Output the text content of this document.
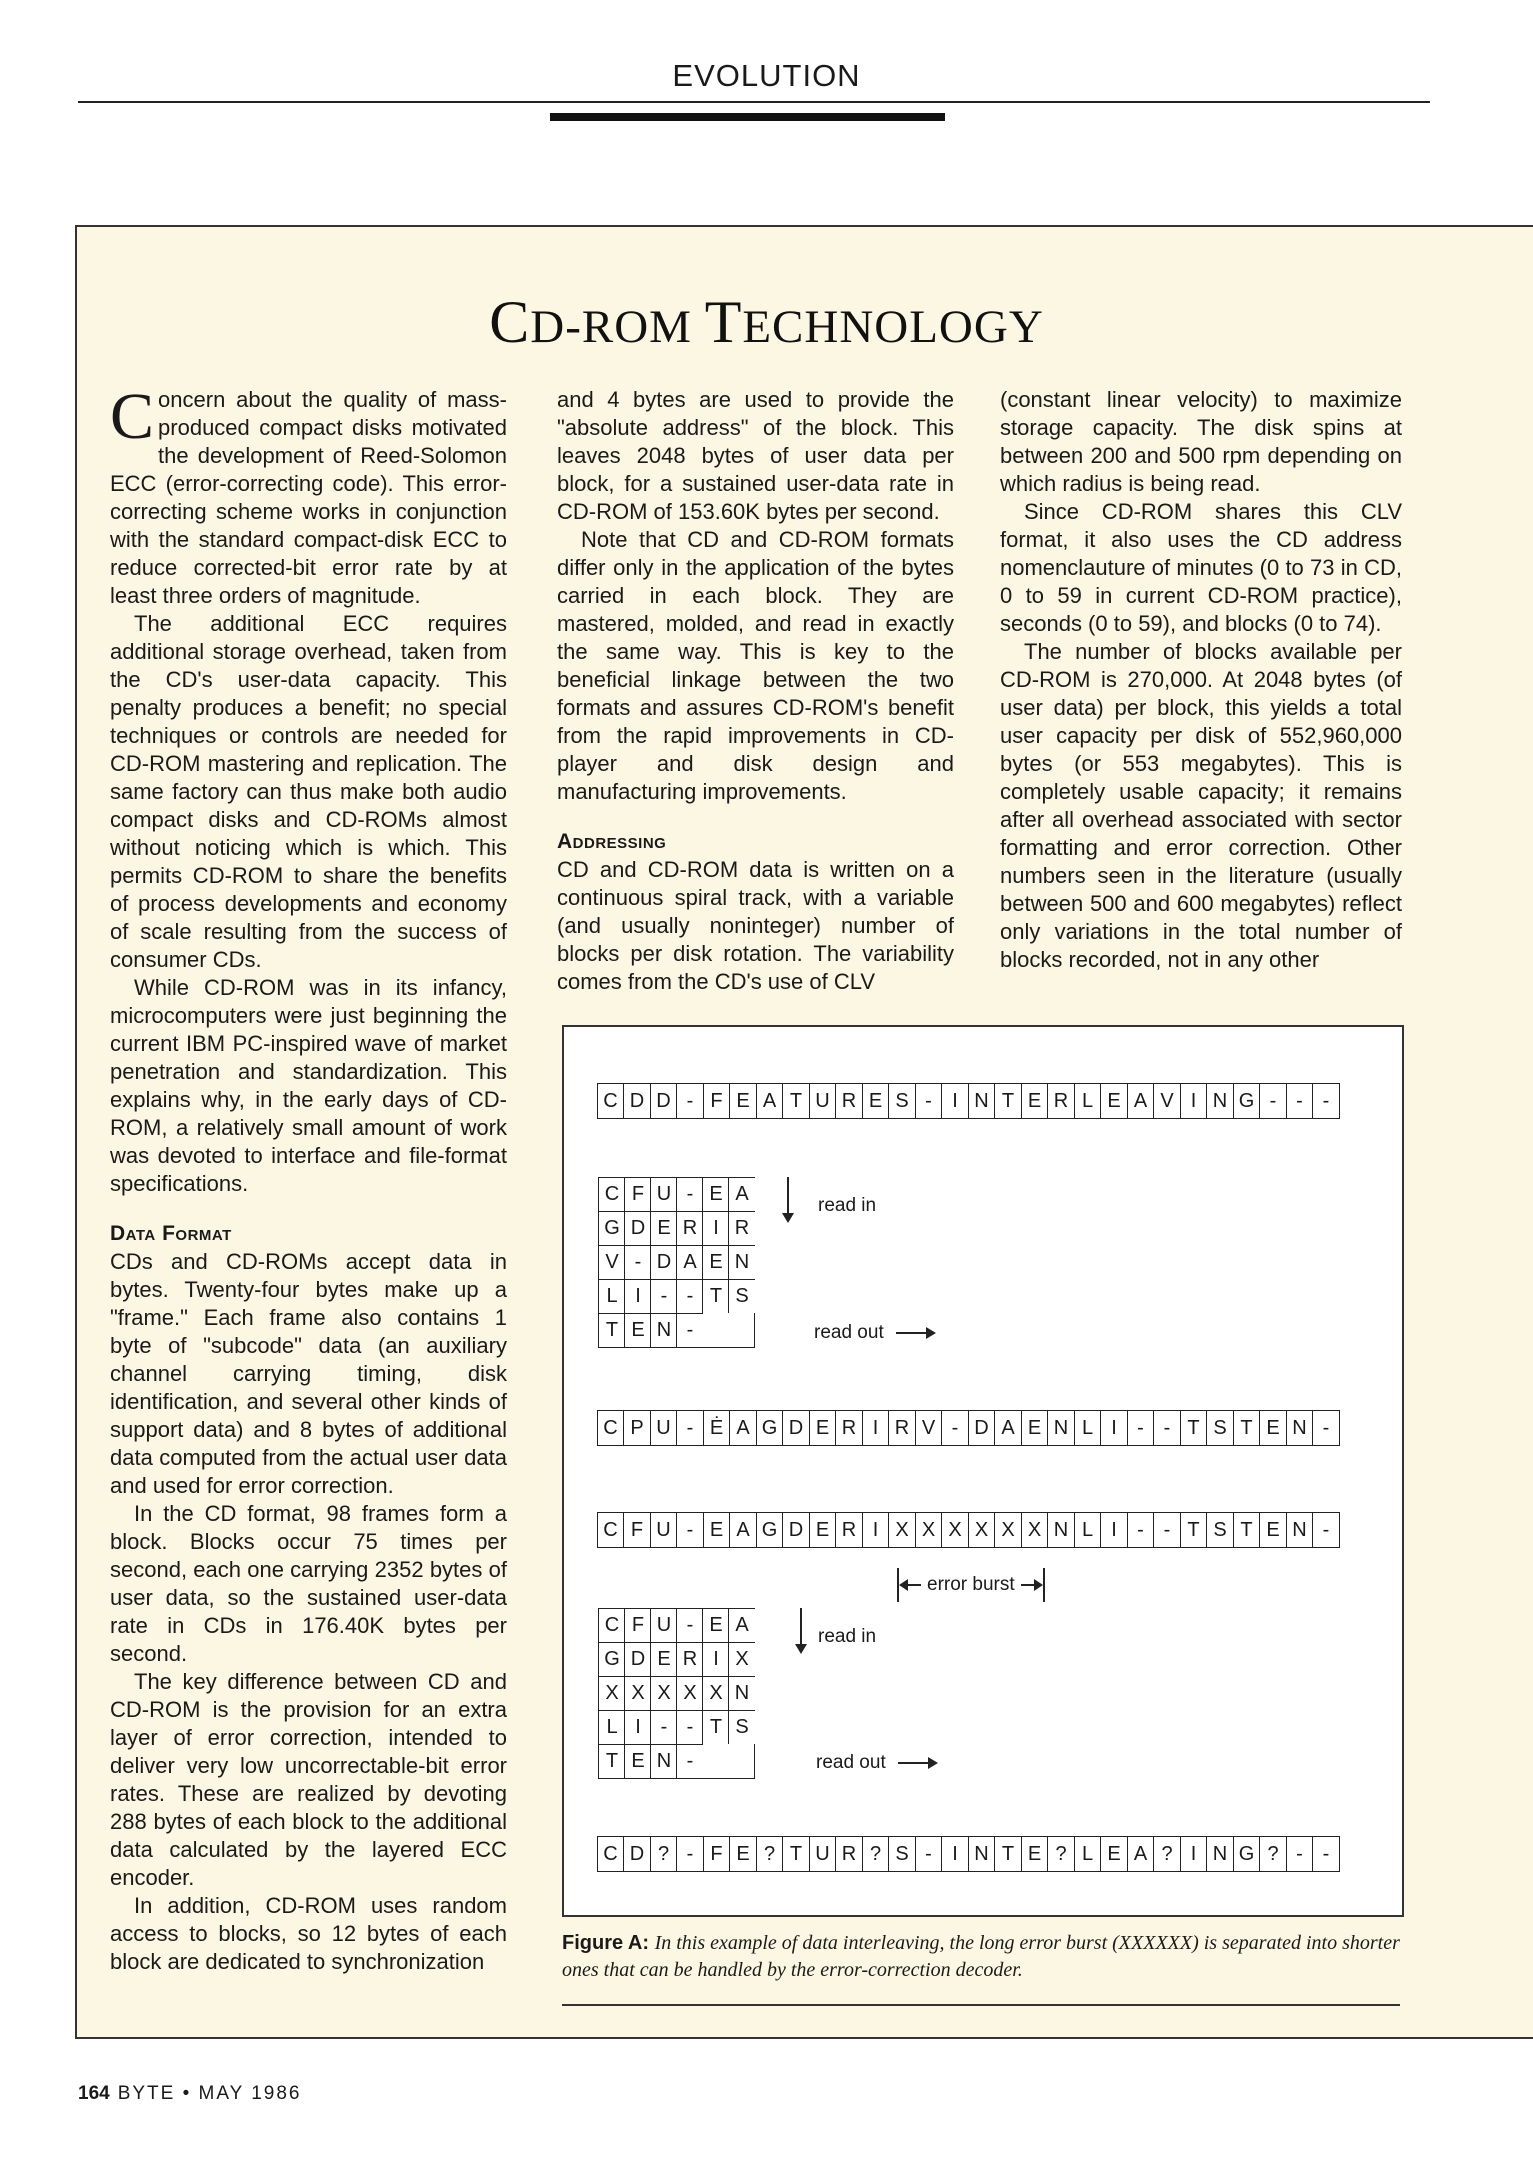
EVOLUTION
CD-ROM TECHNOLOGY

Concern about the quality of mass-produced compact disks motivated the development of Reed-Solomon ECC (error-correcting code). This error-correcting scheme works in conjunction with the standard compact-disk ECC to reduce corrected-bit error rate by at least three orders of magnitude.

The additional ECC requires additional storage overhead, taken from the CD's user-data capacity. This penalty produces a benefit; no special techniques or controls are needed for CD-ROM mastering and replication. The same factory can thus make both audio compact disks and CD-ROMs almost without noticing which is which. This permits CD-ROM to share the benefits of process developments and economy of scale resulting from the success of consumer CDs.

While CD-ROM was in its infancy, microcomputers were just beginning the current IBM PC-inspired wave of market penetration and standardization. This explains why, in the early days of CD-ROM, a relatively small amount of work was devoted to interface and file-format specifications.

Data Format

CDs and CD-ROMs accept data in bytes. Twenty-four bytes make up a "frame." Each frame also contains 1 byte of "subcode" data (an auxiliary channel carrying timing, disk identification, and several other kinds of support data) and 8 bytes of additional data computed from the actual user data and used for error correction.

In the CD format, 98 frames form a block. Blocks occur 75 times per second, each one carrying 2352 bytes of user data, so the sustained user-data rate in CDs in 176.40K bytes per second.

The key difference between CD and CD-ROM is the provision for an extra layer of error correction, intended to deliver very low uncorrectable-bit error rates. These are realized by devoting 288 bytes of each block to the additional data calculated by the layered ECC encoder.

In addition, CD-ROM uses random access to blocks, so 12 bytes of each block are dedicated to synchronization

and 4 bytes are used to provide the "absolute address" of the block. This leaves 2048 bytes of user data per block, for a sustained user-data rate in CD-ROM of 153.60K bytes per second.

Note that CD and CD-ROM formats differ only in the application of the bytes carried in each block. They are mastered, molded, and read in exactly the same way. This is key to the beneficial linkage between the two formats and assures CD-ROM's benefit from the rapid improvements in CD-player and disk design and manufacturing improvements.

Addressing

CD and CD-ROM data is written on a continuous spiral track, with a variable (and usually noninteger) number of blocks per disk rotation. The variability comes from the CD's use of CLV

(constant linear velocity) to maximize storage capacity. The disk spins at between 200 and 500 rpm depending on which radius is being read.

Since CD-ROM shares this CLV format, it also uses the CD address nomenclauture of minutes (0 to 73 in CD, 0 to 59 in current CD-ROM practice), seconds (0 to 59), and blocks (0 to 74).

The number of blocks available per CD-ROM is 270,000. At 2048 bytes (of user data) per block, this yields a total user capacity per disk of 552,960,000 bytes (or 553 megabytes). This is completely usable capacity; it remains after all overhead associated with sector formatting and error correction. Other numbers seen in the literature (usually between 500 and 600 megabytes) reflect only variations in the total number of blocks recorded, not in any other

C D D - F E A T U R E S -	I N T E R L E A V I N G - - -
C F U - E A
G D E R I R
V - D A E N
L I - - T S
T E N -
read in
read out
C P U - Ė A G D E R I R V - D A E N L I	- - T S T E N -
C F U - E A G D E R I X X X X X X N L I	- - T S T E N -
error burst
C F U - E A
G D E R I X
X X X X X N
L I - - T S
T E N -
read in
read out
C D ? - F E ? T U R ? S -	I N T E ? L E A ? I N G ? - -
Figure A: In this example of data interleaving, the long error burst (XXXXXX) is separated into shorter ones that can be handled by the error-correction decoder.
164 BYTE • MAY 1986
